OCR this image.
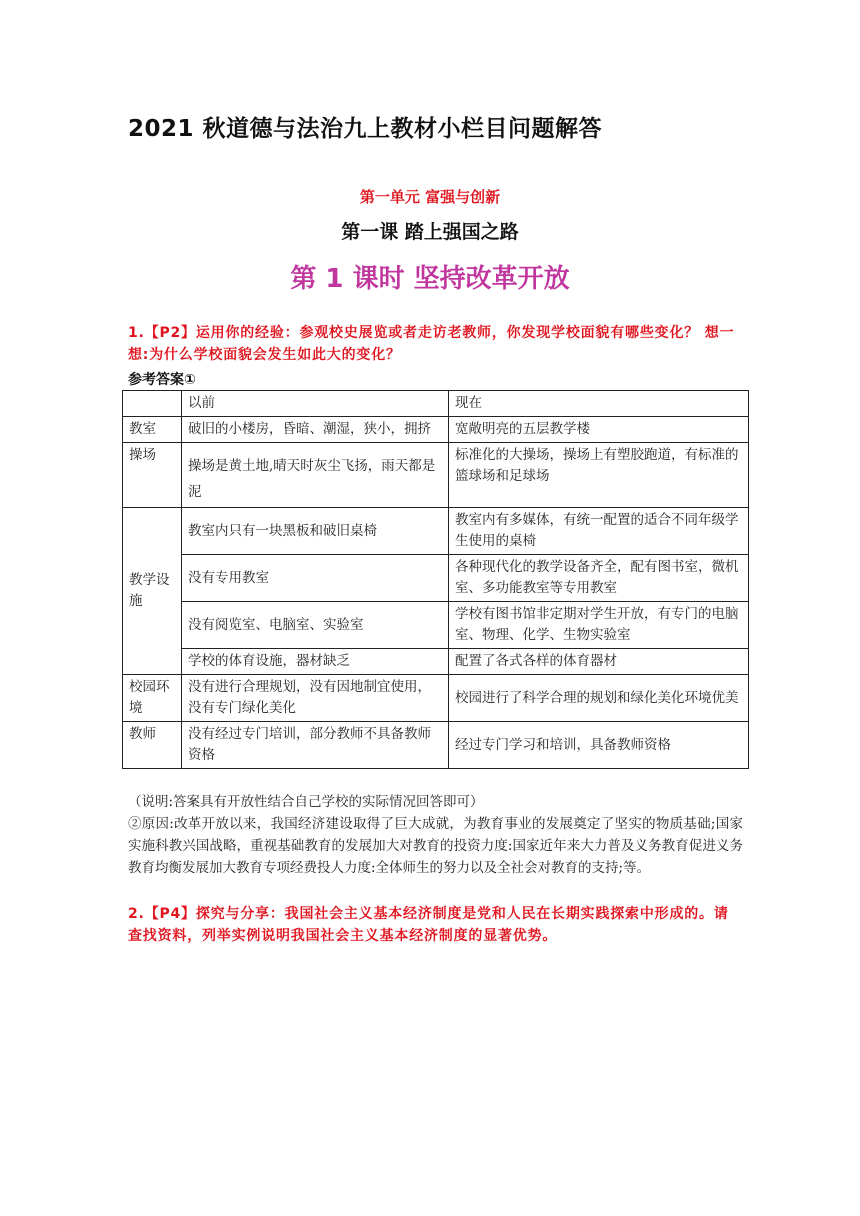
2021 秋道德与法治九上教材小栏目问题解答
第一单元 富强与创新
第一课 踏上强国之路
第 1 课时 坚持改革开放
1.【P2】运用你的经验：参观校史展览或者走访老教师，你发现学校面貌有哪些变化？ 想一想:为什么学校面貌会发生如此大的变化？
参考答案①
	以前	现在
教室	破旧的小楼房，昏暗、潮湿，狭小，拥挤	宽敞明亮的五层教学楼
操场	操场是黄土地,晴天时灰尘飞扬，雨天都是泥	标准化的大操场，操场上有塑胶跑道，有标准的篮球场和足球场
教学设 施	教室内只有一块黑板和破旧桌椅	教室内有多媒体，有统一配置的适合不同年级学生使用的桌椅
	没有专用教室	各种现代化的教学设备齐全，配有图书室，微机室、多功能教室等专用教室
	没有阅览室、电脑室、实验室	学校有图书馆非定期对学生开放，有专门的电脑室、物理、化学、生物实验室
	学校的体育设施，器材缺乏	配置了各式各样的体育器材
校园环 境	没有进行合理规划，没有因地制宜使用，没有专门绿化美化	校园进行了科学合理的规划和绿化美化环境优美
教师	没有经过专门培训，部分教师不具备教师资格	经过专门学习和培训，具备教师资格
（说明:答案具有开放性结合自己学校的实际情况回答即可）
②原因:改革开放以来，我国经济建设取得了巨大成就，为教育事业的发展奠定了坚实的物质基础;国家实施科教兴国战略，重视基础教育的发展加大对教育的投资力度:国家近年来大力普及义务教育促进义务教育均衡发展加大教育专项经费投人力度:全体师生的努力以及全社会对教育的支持;等。
2.【P4】探究与分享：我国社会主义基本经济制度是党和人民在长期实践探索中形成的。请查找资料，列举实例说明我国社会主义基本经济制度的显著优势。
